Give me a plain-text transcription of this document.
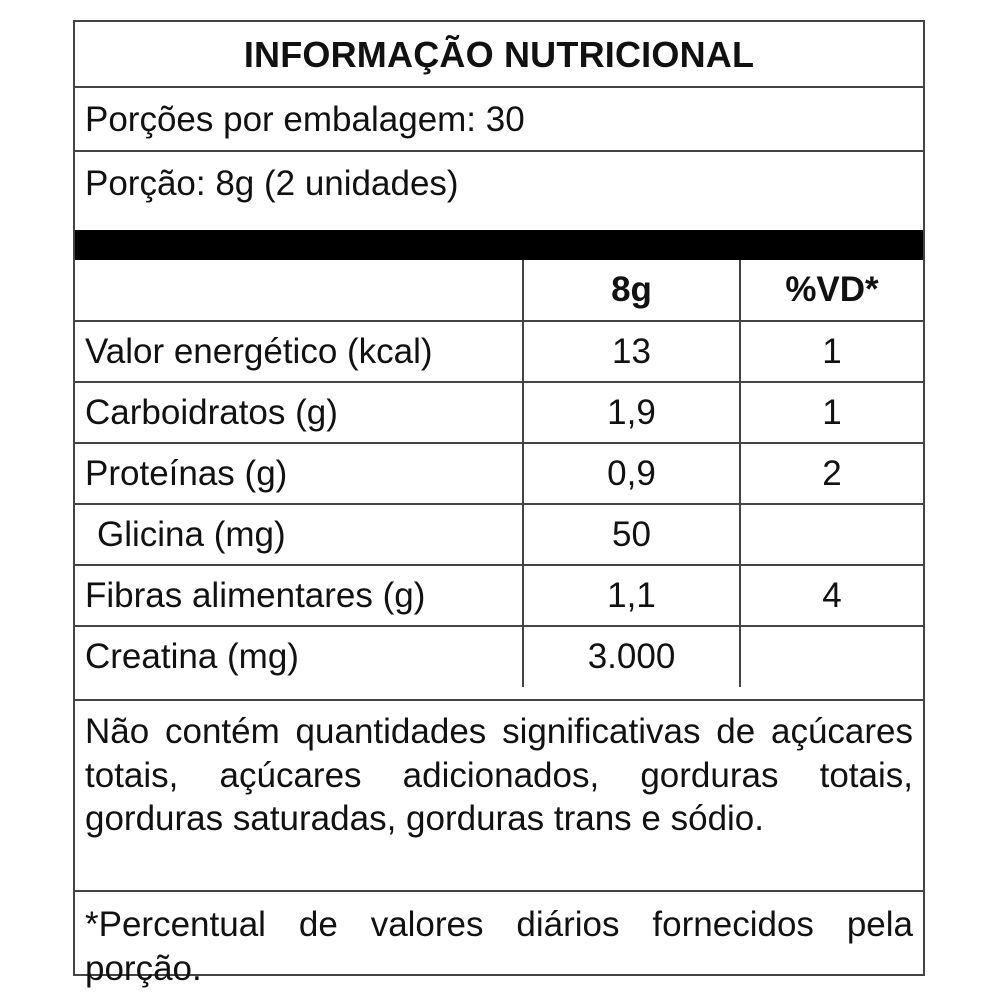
INFORMAÇÃO NUTRICIONAL
Porções por embalagem: 30
Porção: 8g (2 unidades)
	8g	%VD*
Valor energético (kcal)	13	1
Carboidratos (g)	1,9	1
Proteínas (g)	0,9	2
Glicina (mg)	50	
Fibras alimentares (g)	1,1	4
Creatina (mg)	3.000	
Não contém quantidades significativas de açúcares totais, açúcares adicionados, gorduras totais, gorduras saturadas, gorduras trans e sódio.
*Percentual de valores diários fornecidos pela porção.
